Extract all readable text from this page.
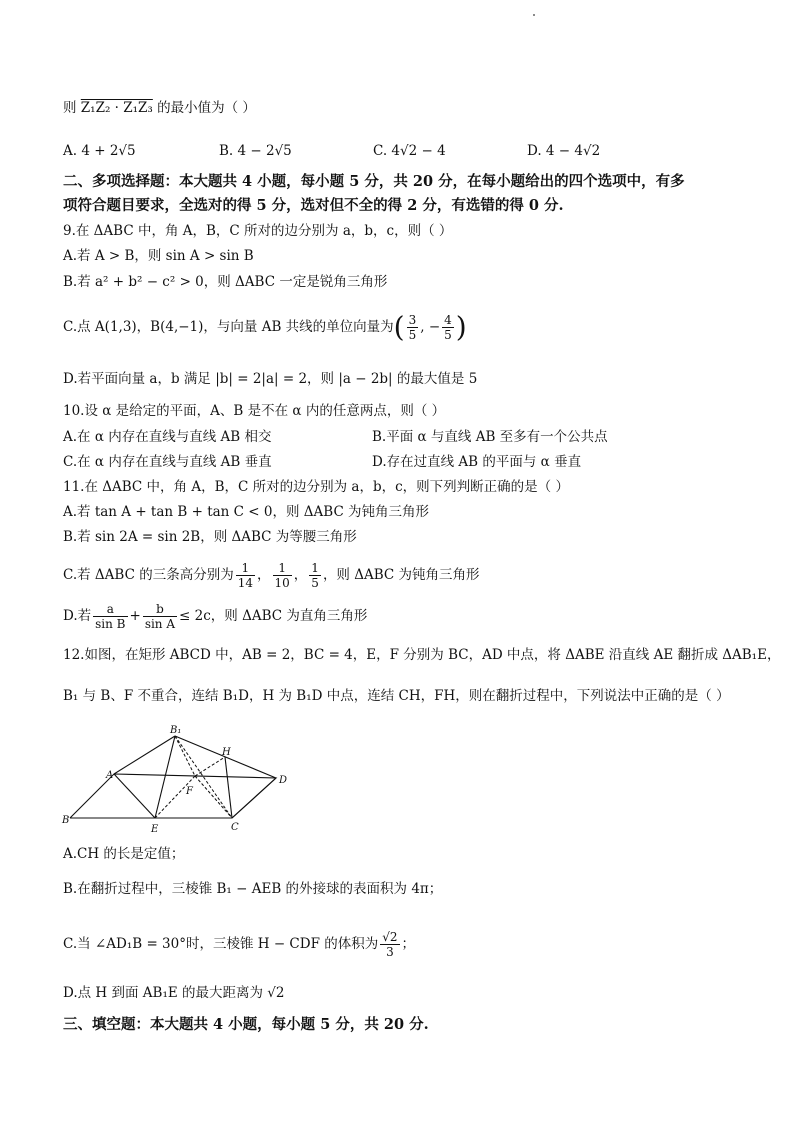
则 Z₁Z₂ · Z₁Z₃ 的最小值为（ ）
A. 4 + 2√5	B. 4 − 2√5	C. 4√2 − 4	D. 4 − 4√2
二、多项选择题：本大题共 4 小题，每小题 5 分，共 20 分，在每小题给出的四个选项中，有多
项符合题目要求，全选对的得 5 分，选对但不全的得 2 分，有选错的得 0 分.
9.在 ΔABC 中，角 A，B，C 所对的边分别为 a，b，c，则（ ）
A.若 A > B，则 sin A > sin B
B.若 a² + b² − c² > 0，则 ΔABC 一定是锐角三角形
C.点 A(1,3)，B(4,−1)，与向量 AB 共线的单位向量为( $\frac{3}{5}$ , − $\frac{4}{5}$ )
D.若平面向量 a，b 满足 |b| = 2|a| = 2，则 |a − 2b| 的最大值是 5
10.设 α 是给定的平面，A、B 是不在 α 内的任意两点，则（ ）
A.在 α 内存在直线与直线 AB 相交	B.平面 α 与直线 AB 至多有一个公共点
C.在 α 内存在直线与直线 AB 垂直	D.存在过直线 AB 的平面与 α 垂直
11.在 ΔABC 中，角 A，B，C 所对的边分别为 a，b，c，则下列判断正确的是（ ）
A.若 tan A + tan B + tan C < 0，则 ΔABC 为钝角三角形
B.若 sin 2A = sin 2B，则 ΔABC 为等腰三角形
C.若 ΔABC 的三条高分别为 $\frac{1}{14}$ ， $\frac{1}{10}$ ， $\frac{1}{5}$ ，则 ΔABC 为钝角三角形
D.若 $\frac{a}{\text{sin B}} + \frac{b}{\text{sin A}} \le 2c$，则 ΔABC 为直角三角形
12.如图，在矩形 ABCD 中，AB = 2，BC = 4，E，F 分别为 BC，AD 中点，将 ΔABE 沿直线 AE 翻折成 ΔAB₁E，
B₁ 与 B、F 不重合，连结 B₁D，H 为 B₁D 中点，连结 CH，FH，则在翻折过程中，下列说法中正确的是（ ）
B₁
H
A	D
F
B
E	C
A.CH 的长是定值；
B.在翻折过程中，三棱锥 B₁ − AEB 的外接球的表面积为 4π；
C.当 ∠AD₁B = 30°时，三棱锥 H − CDF 的体积为 $\frac{√2}{3}$ ；
D.点 H 到面 AB₁E 的最大距离为 √2
三、填空题：本大题共 4 小题，每小题 5 分，共 20 分.
